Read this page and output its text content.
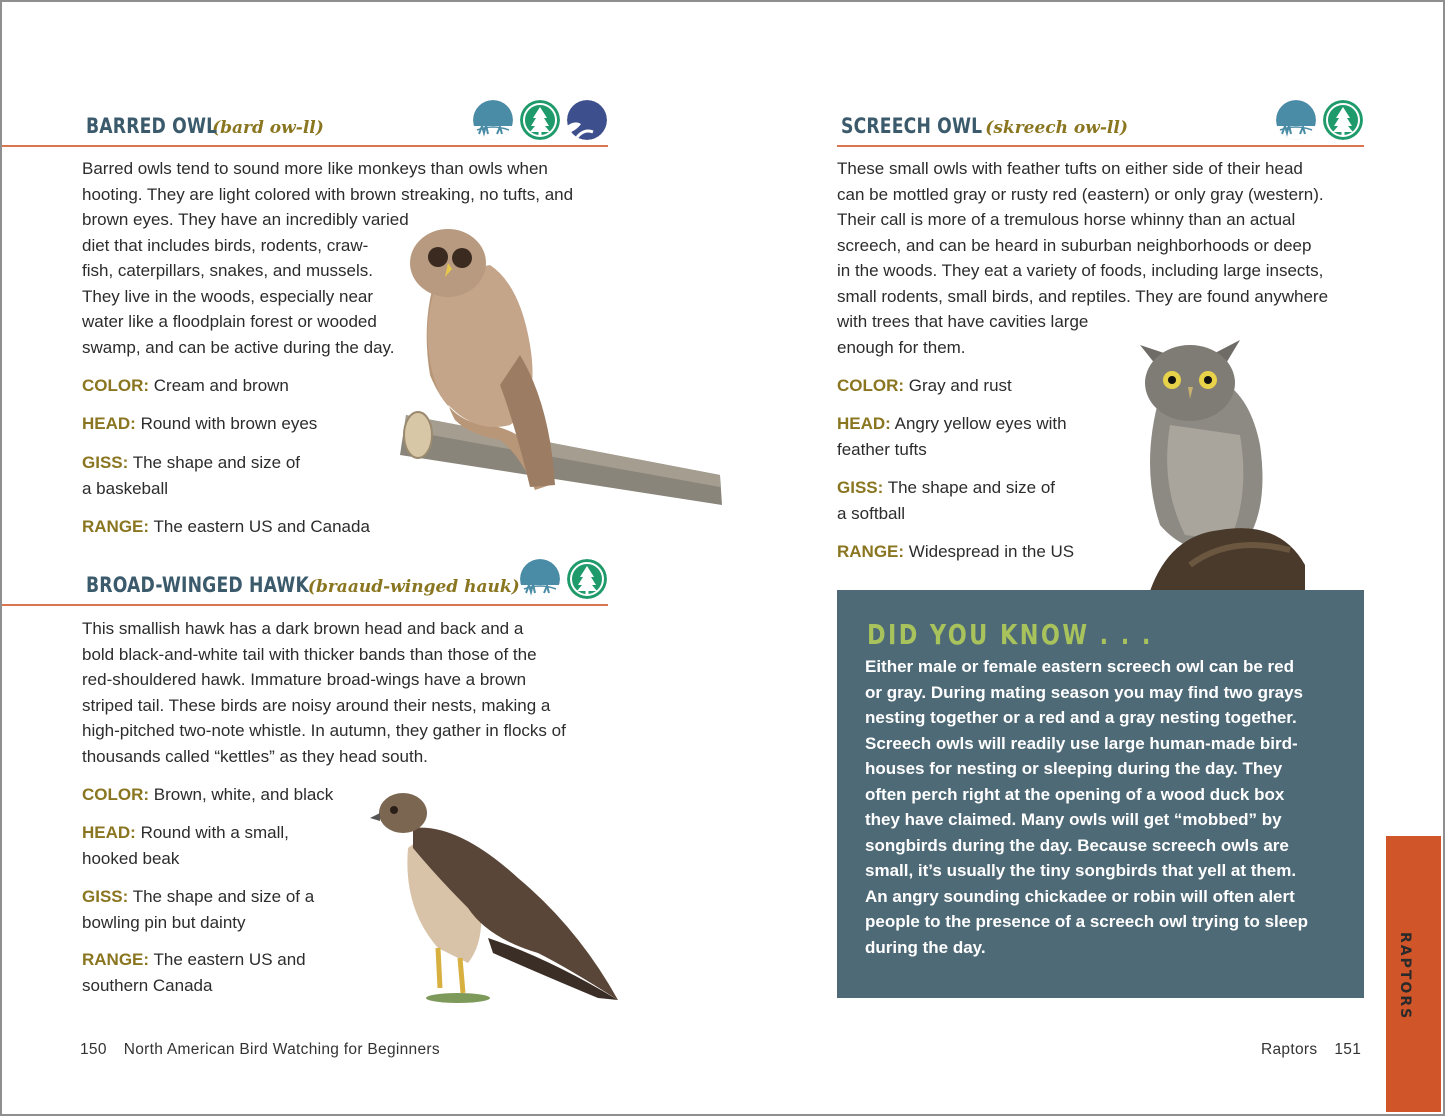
BARRED OWL(bard ow-ll)

Barred owls tend to sound more like monkeys than owls when

hooting. They are light colored with brown streaking, no tufts, and

brown eyes. They have an incredibly varied

diet that includes birds, rodents, craw-

fish, caterpillars, snakes, and mussels.

They live in the woods, especially near

water like a floodplain forest or wooded

swamp, and can be active during the day.

COLOR: Cream and brown
HEAD: Round with brown eyes
GISS: The shape and size of
a baskeball
RANGE: The eastern US and Canada
BROAD-WINGED HAWK(braaud-winged hauk)

This smallish hawk has a dark brown head and back and a

bold black-and-white tail with thicker bands than those of the

red-shouldered hawk. Immature broad-wings have a brown

striped tail. These birds are noisy around their nests, making a

high-pitched two-note whistle. In autumn, they gather in flocks of

thousands called “kettles” as they head south.

COLOR: Brown, white, and black
HEAD: Round with a small,
hooked beak
GISS: The shape and size of a
bowling pin but dainty
RANGE: The eastern US and
southern Canada
150 North American Bird Watching for Beginners
SCREECH OWL (skreech ow-ll)

These small owls with feather tufts on either side of their head

can be mottled gray or rusty red (eastern) or only gray (western).

Their call is more of a tremulous horse whinny than an actual

screech, and can be heard in suburban neighborhoods or deep

in the woods. They eat a variety of foods, including large insects,

small rodents, small birds, and reptiles. They are found anywhere

with trees that have cavities large

enough for them.

COLOR: Gray and rust
HEAD: Angry yellow eyes with
feather tufts
GISS: The shape and size of
a softball
RANGE: Widespread in the US
DID YOU KNOW . . .
Either male or female eastern screech owl can be red
or gray. During mating season you may find two grays
nesting together or a red and a gray nesting together.
Screech owls will readily use large human-made bird-
houses for nesting or sleeping during the day. They
often perch right at the opening of a wood duck box
they have claimed. Many owls will get “mobbed” by
songbirds during the day. Because screech owls are
small, it’s usually the tiny songbirds that yell at them.
An angry sounding chickadee or robin will often alert
people to the presence of a screech owl trying to sleep
during the day.	RAPTORS
Raptors 151
